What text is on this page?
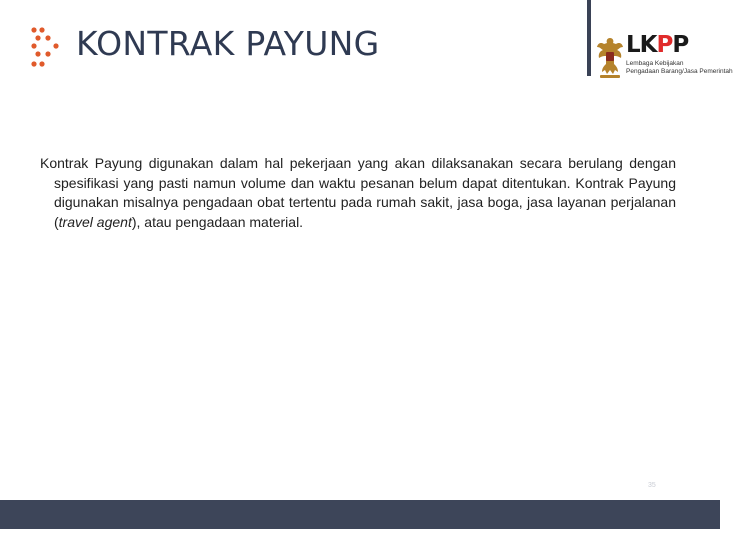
KONTRAK PAYUNG	LKPP
Lembaga Kebijakan
Pengadaan Barang/Jasa Pemerintah

Kontrak Payung digunakan dalam hal pekerjaan yang akan dilaksanakan secara berulang dengan spesifikasi yang pasti namun volume dan waktu pesanan belum dapat ditentukan. Kontrak Payung digunakan misalnya pengadaan obat tertentu pada rumah sakit, jasa boga, jasa layanan perjalanan (travel agent), atau pengadaan material.

35
